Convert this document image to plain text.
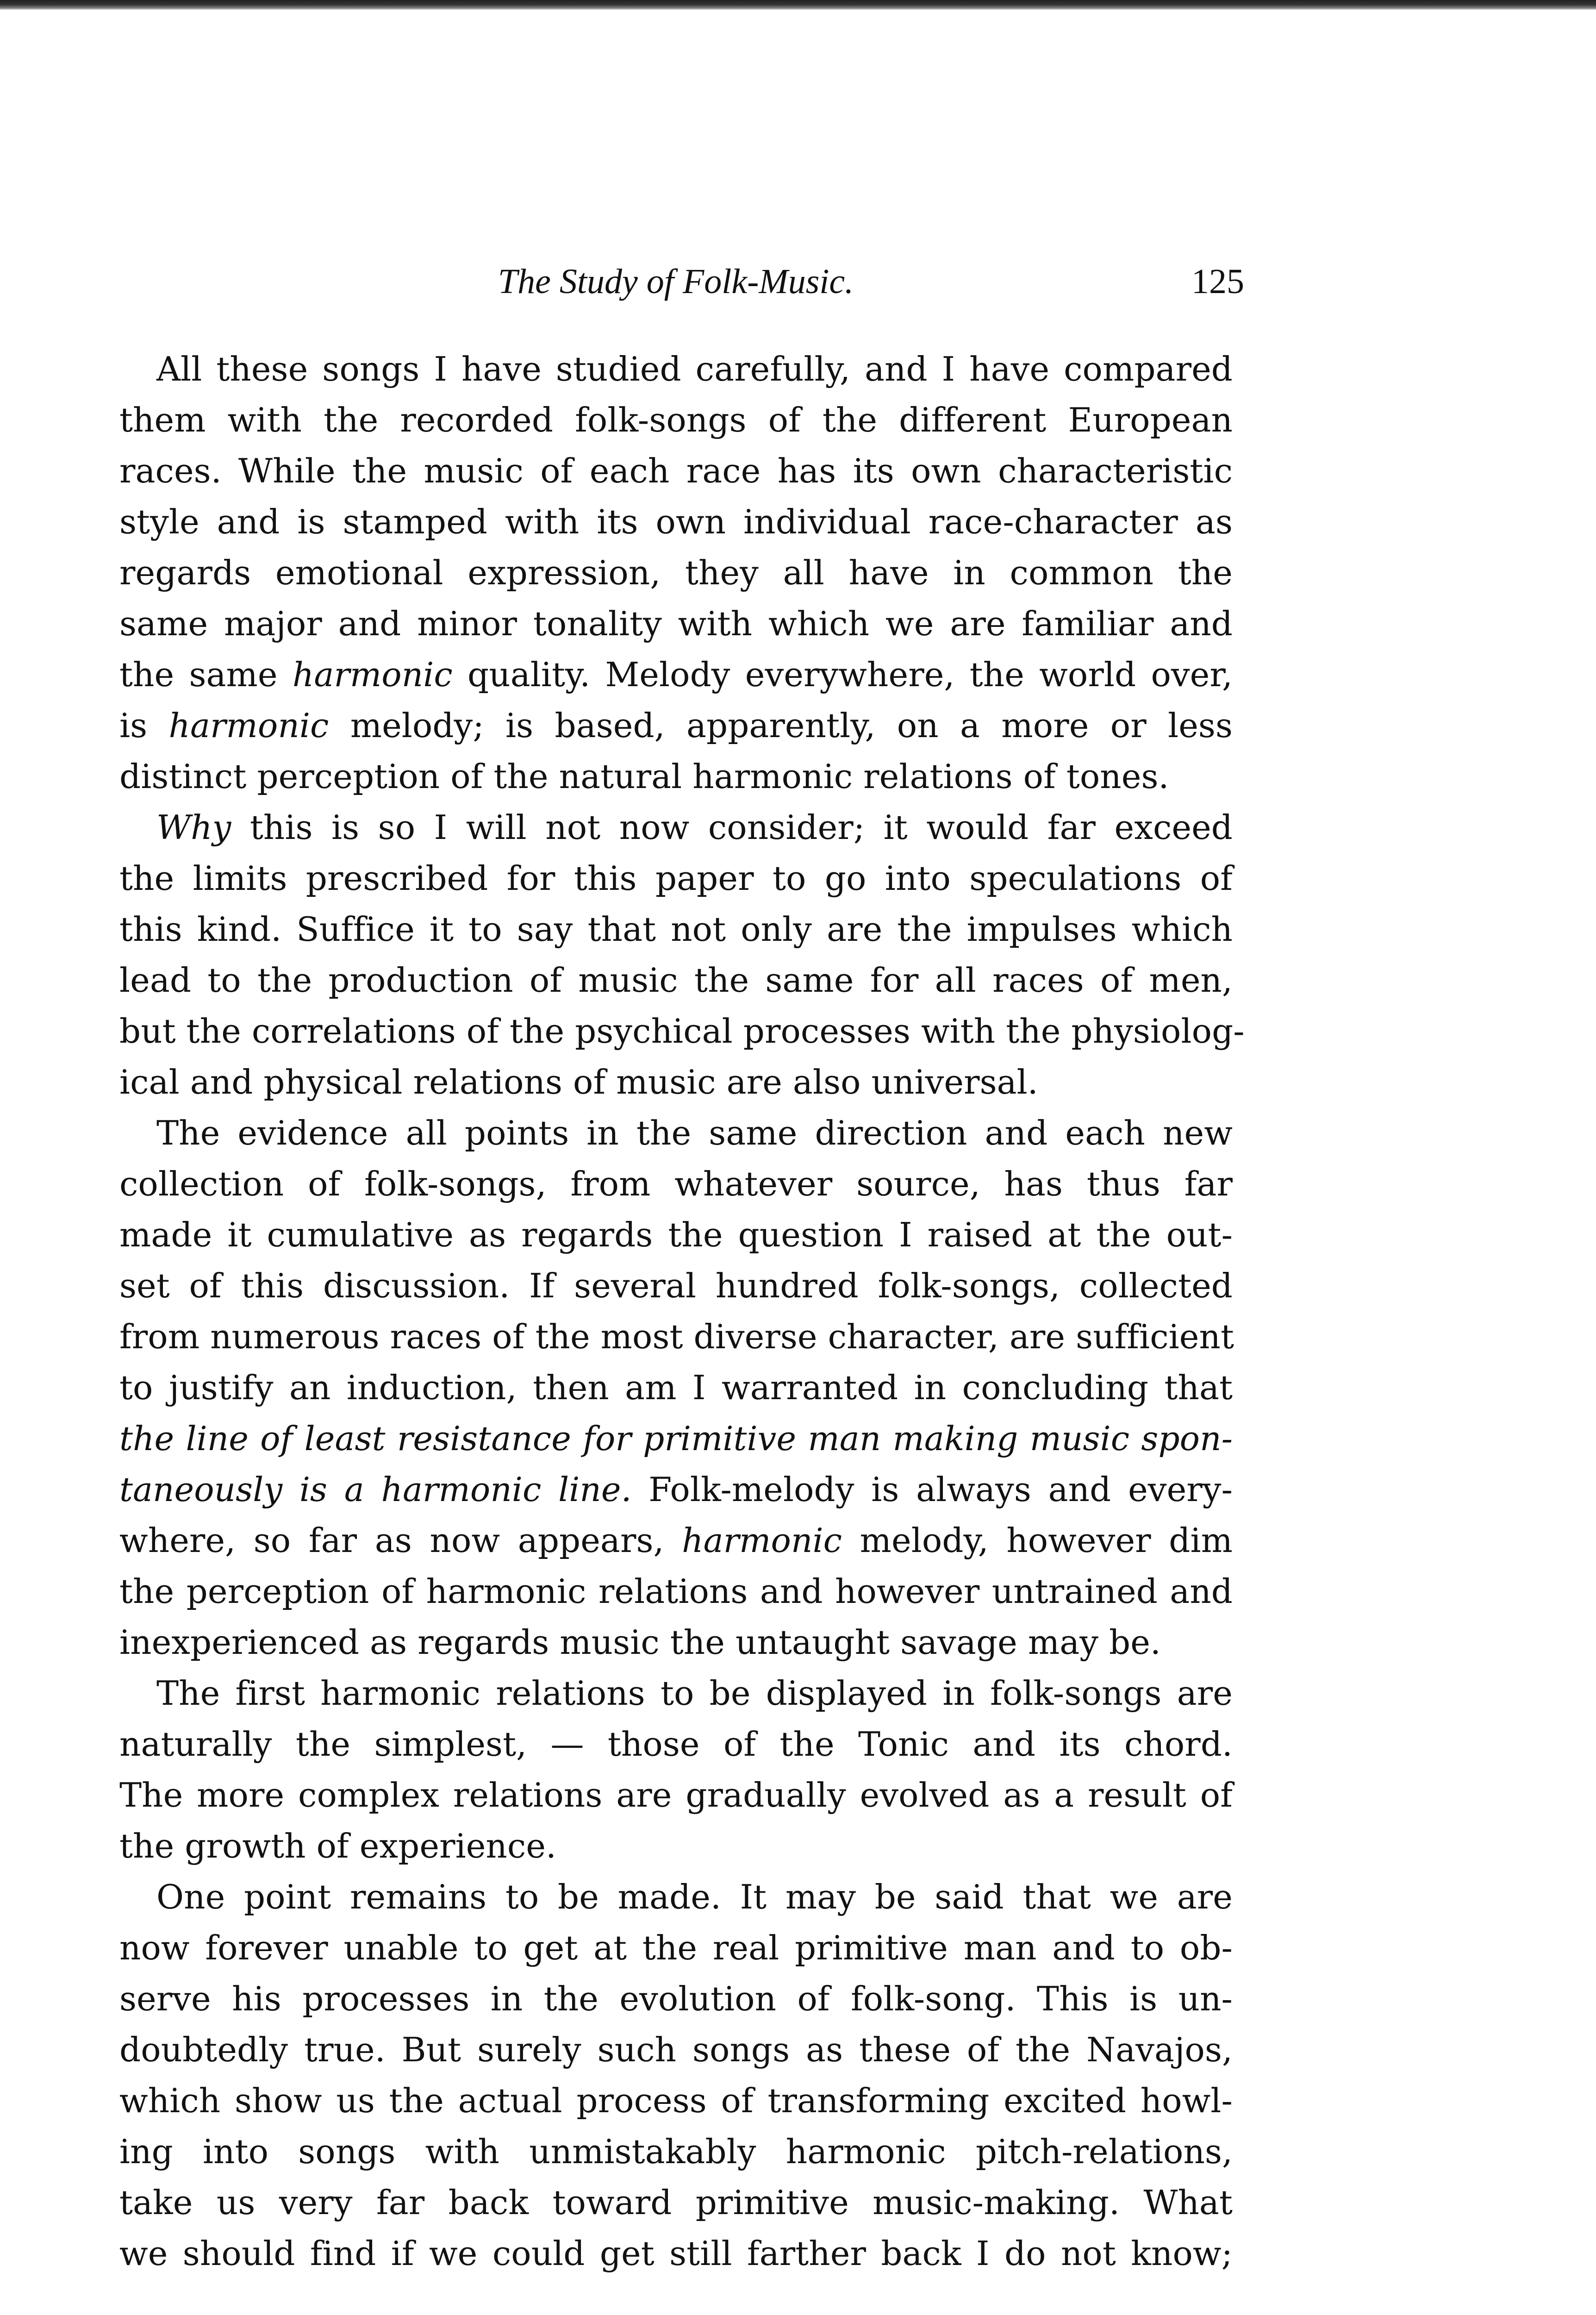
The Study of Folk-Music.	125
All these songs I have studied carefully, and I have compared
them with the recorded folk-songs of the different European
races. While the music of each race has its own characteristic
style and is stamped with its own individual race-character as
regards emotional expression, they all have in common the
same major and minor tonality with which we are familiar and
the same harmonic quality. Melody everywhere, the world over,
is harmonic melody; is based, apparently, on a more or less
distinct perception of the natural harmonic relations of tones.
Why this is so I will not now consider; it would far exceed
the limits prescribed for this paper to go into speculations of
this kind. Suffice it to say that not only are the impulses which
lead to the production of music the same for all races of men,
but the correlations of the psychical processes with the physiolog-
ical and physical relations of music are also universal.
The evidence all points in the same direction and each new
collection of folk-songs, from whatever source, has thus far
made it cumulative as regards the question I raised at the out-
set of this discussion. If several hundred folk-songs, collected
from numerous races of the most diverse character, are sufficient
to justify an induction, then am I warranted in concluding that
the line of least resistance for primitive man making music spon-
taneously is a harmonic line. Folk-melody is always and every-
where, so far as now appears, harmonic melody, however dim
the perception of harmonic relations and however untrained and
inexperienced as regards music the untaught savage may be.
The first harmonic relations to be displayed in folk-songs are
naturally the simplest, — those of the Tonic and its chord.
The more complex relations are gradually evolved as a result of
the growth of experience.
One point remains to be made. It may be said that we are
now forever unable to get at the real primitive man and to ob-
serve his processes in the evolution of folk-song. This is un-
doubtedly true. But surely such songs as these of the Navajos,
which show us the actual process of transforming excited howl-
ing into songs with unmistakably harmonic pitch-relations,
take us very far back toward primitive music-making. What
we should find if we could get still farther back I do not know;
